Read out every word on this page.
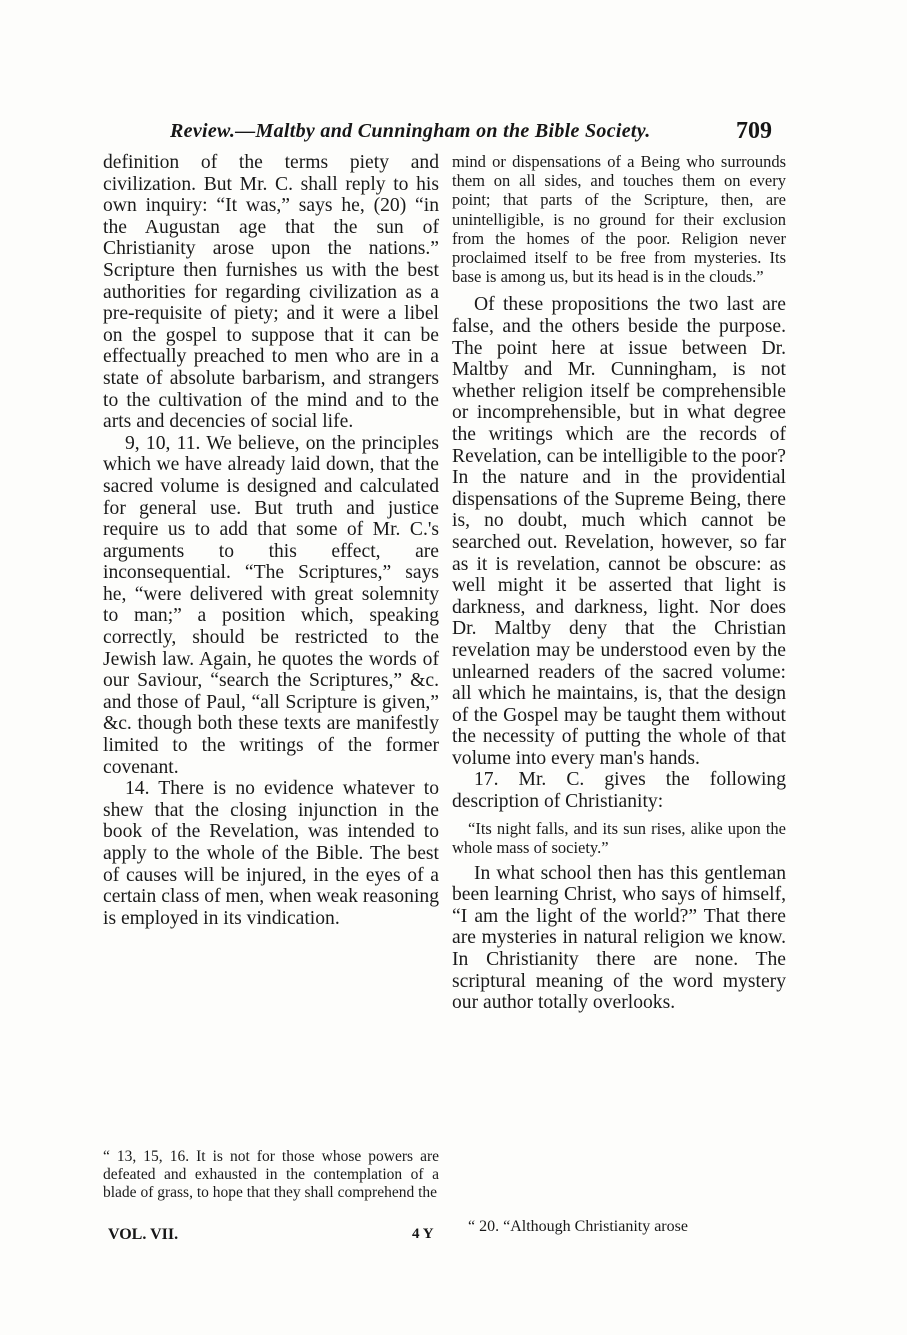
Review.—Maltby and Cunningham on the Bible Society.	709

definition of the terms piety and civilization. But Mr. C. shall reply to his own inquiry: “It was,” says he, (20) “in the Augustan age that the sun of Christianity arose upon the nations.” Scripture then furnishes us with the best authorities for regarding civilization as a pre-requisite of piety; and it were a libel on the gospel to suppose that it can be effectually preached to men who are in a state of absolute barbarism, and strangers to the cultivation of the mind and to the arts and decencies of social life.

9, 10, 11. We believe, on the principles which we have already laid down, that the sacred volume is designed and calculated for general use. But truth and justice require us to add that some of Mr. C.'s arguments to this effect, are inconsequential. “The Scriptures,” says he, “were delivered with great solemnity to man;” a position which, speaking correctly, should be restricted to the Jewish law. Again, he quotes the words of our Saviour, “search the Scriptures,” &c. and those of Paul, “all Scripture is given,” &c. though both these texts are manifestly limited to the writings of the former covenant.

14. There is no evidence whatever to shew that the closing injunction in the book of the Revelation, was intended to apply to the whole of the Bible. The best of causes will be injured, in the eyes of a certain class of men, when weak reasoning is employed in its vindication.

“ 13, 15, 16. It is not for those whose powers are defeated and exhausted in the contemplation of a blade of grass, to hope that they shall comprehend the

mind or dispensations of a Being who surrounds them on all sides, and touches them on every point; that parts of the Scripture, then, are unintelligible, is no ground for their exclusion from the homes of the poor. Religion never proclaimed itself to be free from mysteries. Its base is among us, but its head is in the clouds.”

Of these propositions the two last are false, and the others beside the purpose. The point here at issue between Dr. Maltby and Mr. Cunningham, is not whether religion itself be comprehensible or incomprehensible, but in what degree the writings which are the records of Revelation, can be intelligible to the poor? In the nature and in the providential dispensations of the Supreme Being, there is, no doubt, much which cannot be searched out. Revelation, however, so far as it is revelation, cannot be obscure: as well might it be asserted that light is darkness, and darkness, light. Nor does Dr. Maltby deny that the Christian revelation may be understood even by the unlearned readers of the sacred volume: all which he maintains, is, that the design of the Gospel may be taught them without the necessity of putting the whole of that volume into every man's hands.

17. Mr. C. gives the following description of Christianity:

“Its night falls, and its sun rises, alike upon the whole mass of society.”

In what school then has this gentleman been learning Christ, who says of himself, “I am the light of the world?” That there are mysteries in natural religion we know. In Christianity there are none. The scriptural meaning of the word mystery our author totally overlooks.

“ 20. “Although Christianity arose
VOL. VII.	4 Y
